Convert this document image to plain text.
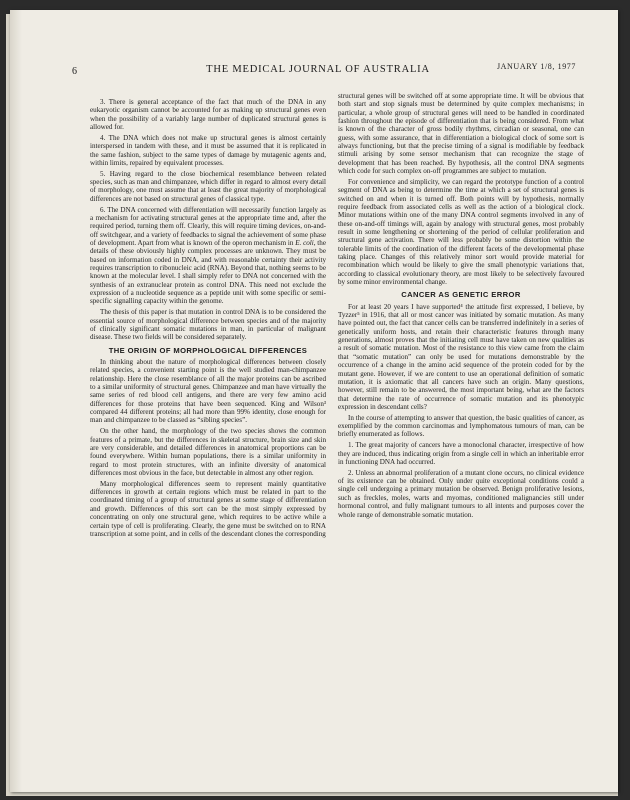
6	THE MEDICAL JOURNAL OF AUSTRALIA	JANUARY 1/8, 1977

3. There is general acceptance of the fact that much of the DNA in any eukaryotic organism cannot be accounted for as making up structural genes even when the possibility of a variably large number of duplicated structural genes is allowed for.

4. The DNA which does not make up structural genes is almost certainly interspersed in tandem with these, and it must be assumed that it is replicated in the same fashion, subject to the same types of damage by mutagenic agents and, within limits, repaired by equivalent processes.

5. Having regard to the close biochemical resemblance between related species, such as man and chimpanzee, which differ in regard to almost every detail of morphology, one must assume that at least the great majority of morphological differences are not based on structural genes of classical type.

6. The DNA concerned with differentiation will necessarily function largely as a mechanism for activating structural genes at the appropriate time and, after the required period, turning them off. Clearly, this will require timing devices, on-and-off switchgear, and a variety of feedbacks to signal the achievement of some phase of development. Apart from what is known of the operon mechanism in E. coli, the details of these obviously highly complex processes are unknown. They must be based on information coded in DNA, and with reasonable certainty their activity requires transcription to ribonucleic acid (RNA). Beyond that, nothing seems to be known at the molecular level. I shall simply refer to DNA not concerned with the synthesis of an extranuclear protein as control DNA. This need not exclude the expression of a nucleotide sequence as a peptide unit with some specific or semi-specific signalling capacity within the genome.

The thesis of this paper is that mutation in control DNA is to be considered the essential source of morphological difference between species and of the majority of clinically significant somatic mutations in man, in particular of malignant disease. These two fields will be considered separately.

THE ORIGIN OF MORPHOLOGICAL DIFFERENCES

In thinking about the nature of morphological differences between closely related species, a convenient starting point is the well studied man-chimpanzee relationship. Here the close resemblance of all the major proteins can be ascribed to a similar uniformity of structural genes. Chimpanzee and man have virtually the same series of red blood cell antigens, and there are very few amino acid differences for those proteins that have been sequenced. King and Wilson³ compared 44 different proteins; all had more than 99% identity, close enough for man and chimpanzee to be classed as “sibling species”.

On the other hand, the morphology of the two species shows the common features of a primate, but the differences in skeletal structure, brain size and skin are very considerable, and detailed differences in anatomical proportions can be found everywhere. Within human populations, there is a similar uniformity in regard to most protein structures, with an infinite diversity of anatomical differences most obvious in the face, but detectable in almost any other region.

Many morphological differences seem to represent mainly quantitative differences in growth at certain regions which must be related in part to the coordinated timing of a group of structural genes at some stage of differentiation and growth. Differences of this sort can be the most simply expressed by concentrating on only one structural gene, which requires to be active while a certain type of cell is proliferating. Clearly, the gene must be switched on to RNA transcription at some point, and in cells of the descendant clones the corresponding

structural genes will be switched off at some appropriate time. It will be obvious that both start and stop signals must be determined by quite complex mechanisms; in particular, a whole group of structural genes will need to be handled in coordinated fashion throughout the episode of differentiation that is being considered. From what is known of the character of gross bodily rhythms, circadian or seasonal, one can guess, with some assurance, that in differentiation a biological clock of some sort is always functioning, but that the precise timing of a signal is modifiable by feedback stimuli arising by some sensor mechanism that can recognize the stage of development that has been reached. By hypothesis, all the control DNA segments which code for such complex on-off programmes are subject to mutation.

For convenience and simplicity, we can regard the prototype function of a control segment of DNA as being to determine the time at which a set of structural genes is switched on and when it is turned off. Both points will by hypothesis, normally require feedback from associated cells as well as the action of a biological clock. Minor mutations within one of the many DNA control segments involved in any of these on-and-off timings will, again by analogy with structural genes, most probably result in some lengthening or shortening of the period of cellular proliferation and structural gene activation. There will less probably be some distortion within the tolerable limits of the coordination of the different facets of the developmental phase taking place. Changes of this relatively minor sort would provide material for recombination which would be likely to give the small phenotypic variations that, according to classical evolutionary theory, are most likely to be selectively favoured by some minor environmental change.

CANCER AS GENETIC ERROR

For at least 20 years I have supported⁴ the attitude first expressed, I believe, by Tyzzer⁵ in 1916, that all or most cancer was initiated by somatic mutation. As many have pointed out, the fact that cancer cells can be transferred indefinitely in a series of genetically uniform hosts, and retain their characteristic features through many generations, almost proves that the initiating cell must have taken on new qualities as a result of somatic mutation. Most of the resistance to this view came from the claim that “somatic mutation” can only be used for mutations demonstrable by the occurrence of a change in the amino acid sequence of the protein coded for by the mutant gene. However, if we are content to use an operational definition of somatic mutation, it is axiomatic that all cancers have such an origin. Many questions, however, still remain to be answered, the most important being, what are the factors that determine the rate of occurrence of somatic mutation and its phenotypic expression in descendant cells?

In the course of attempting to answer that question, the basic qualities of cancer, as exemplified by the common carcinomas and lymphomatous tumours of man, can be briefly enumerated as follows.

1. The great majority of cancers have a monoclonal character, irrespective of how they are induced, thus indicating origin from a single cell in which an inheritable error in functioning DNA had occurred.

2. Unless an abnormal proliferation of a mutant clone occurs, no clinical evidence of its existence can be obtained. Only under quite exceptional conditions could a single cell undergoing a primary mutation be observed. Benign proliferative lesions, such as freckles, moles, warts and myomas, conditioned malignancies still under hormonal control, and fully malignant tumours to all intents and purposes cover the whole range of demonstrable somatic mutation.
